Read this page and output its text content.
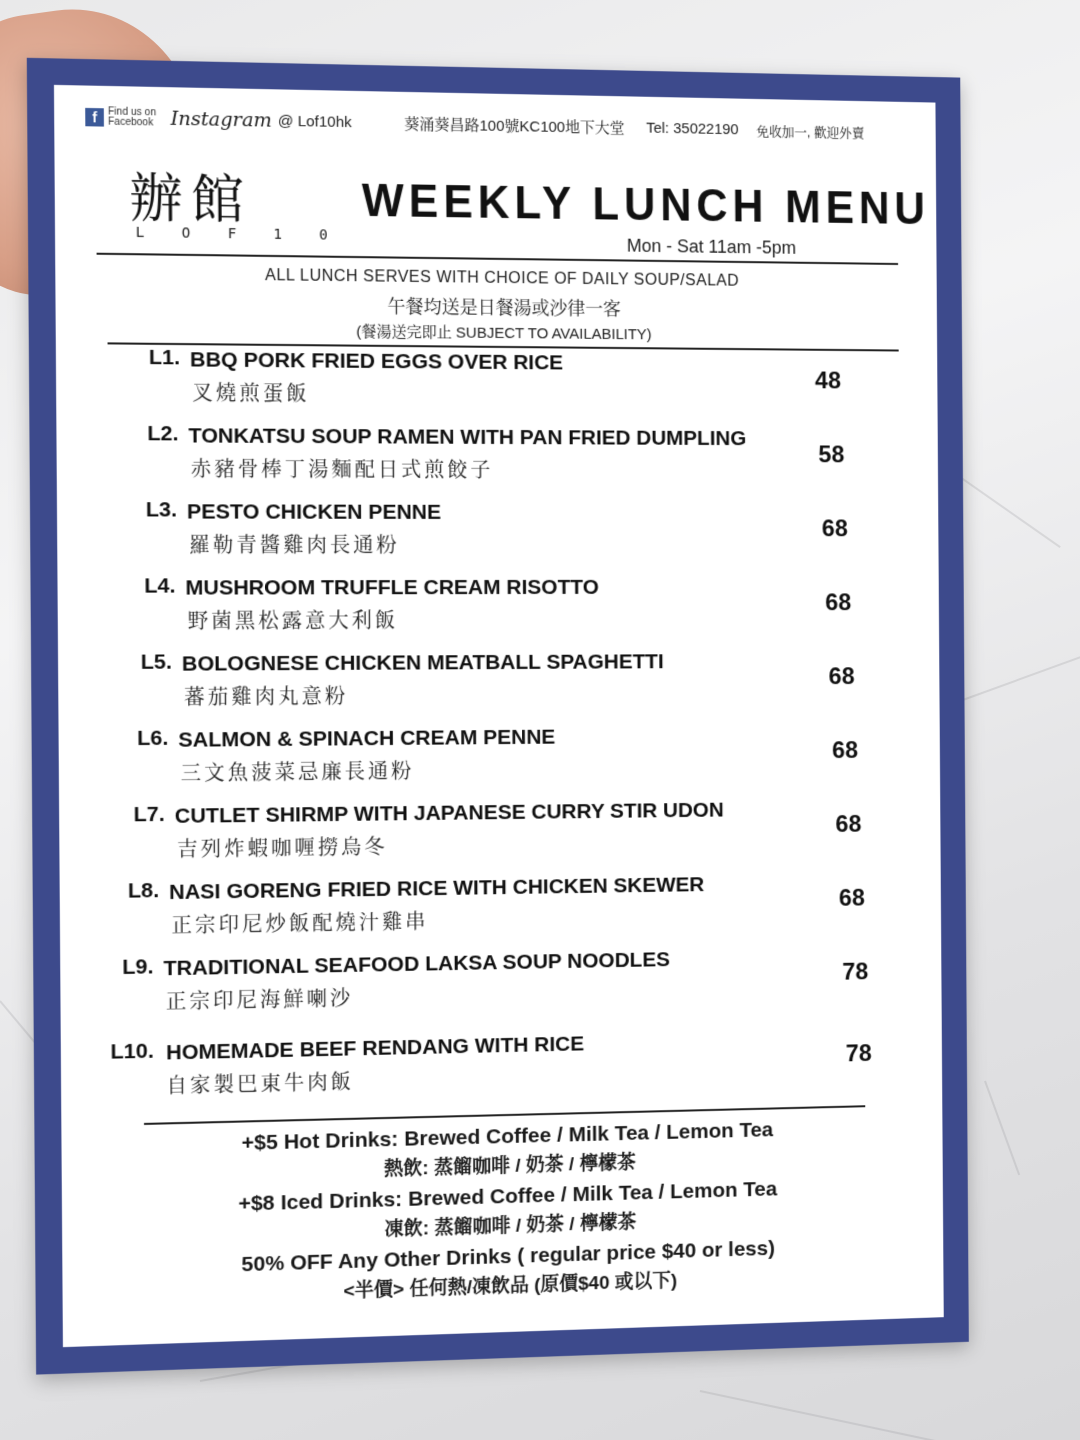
f	Find us on
Facebook Instagram @ Lof10hk	葵涌葵昌路100號KC100地下大堂 Tel: 35022190 免收加一, 歡迎外賣
辦館
L O F 1 0
WEEKLY LUNCH MENU
Mon - Sat 11am -5pm
ALL LUNCH SERVES WITH CHOICE OF DAILY SOUP/SALAD
午餐均送是日餐湯或沙律一客
(餐湯送完即止 SUBJECT TO AVAILABILITY)
L1. BBQ PORK FRIED EGGS OVER RICE
叉燒煎蛋飯	48
L2. TONKATSU SOUP RAMEN WITH PAN FRIED DUMPLING
赤豬骨棒丁湯麵配日式煎餃子
58
L3. PESTO CHICKEN PENNE
羅勒青醬雞肉長通粉
68
L4. MUSHROOM TRUFFLE CREAM RISOTTO
野菌黑松露意大利飯
68
L5. BOLOGNESE CHICKEN MEATBALL SPAGHETTI
蕃茄雞肉丸意粉
68
L6. SALMON & SPINACH CREAM PENNE
三文魚菠菜忌廉長通粉
68
L7. CUTLET SHIRMP WITH JAPANESE CURRY STIR UDON
吉列炸蝦咖喱撈烏冬
68
L8. NASI GORENG FRIED RICE WITH CHICKEN SKEWER
正宗印尼炒飯配燒汁雞串
68
L9. TRADITIONAL SEAFOOD LAKSA SOUP NOODLES
正宗印尼海鮮喇沙
78
L10. HOMEMADE BEEF RENDANG WITH RICE
自家製巴東牛肉飯
78
+$5 Hot Drinks: Brewed Coffee / Milk Tea / Lemon Tea
熱飲: 蒸餾咖啡 / 奶茶 / 檸檬茶
+$8 Iced Drinks: Brewed Coffee / Milk Tea / Lemon Tea
凍飲: 蒸餾咖啡 / 奶茶 / 檸檬茶
50% OFF Any Other Drinks ( regular price $40 or less)
<半價> 任何熱/凍飲品 (原價$40 或以下)
